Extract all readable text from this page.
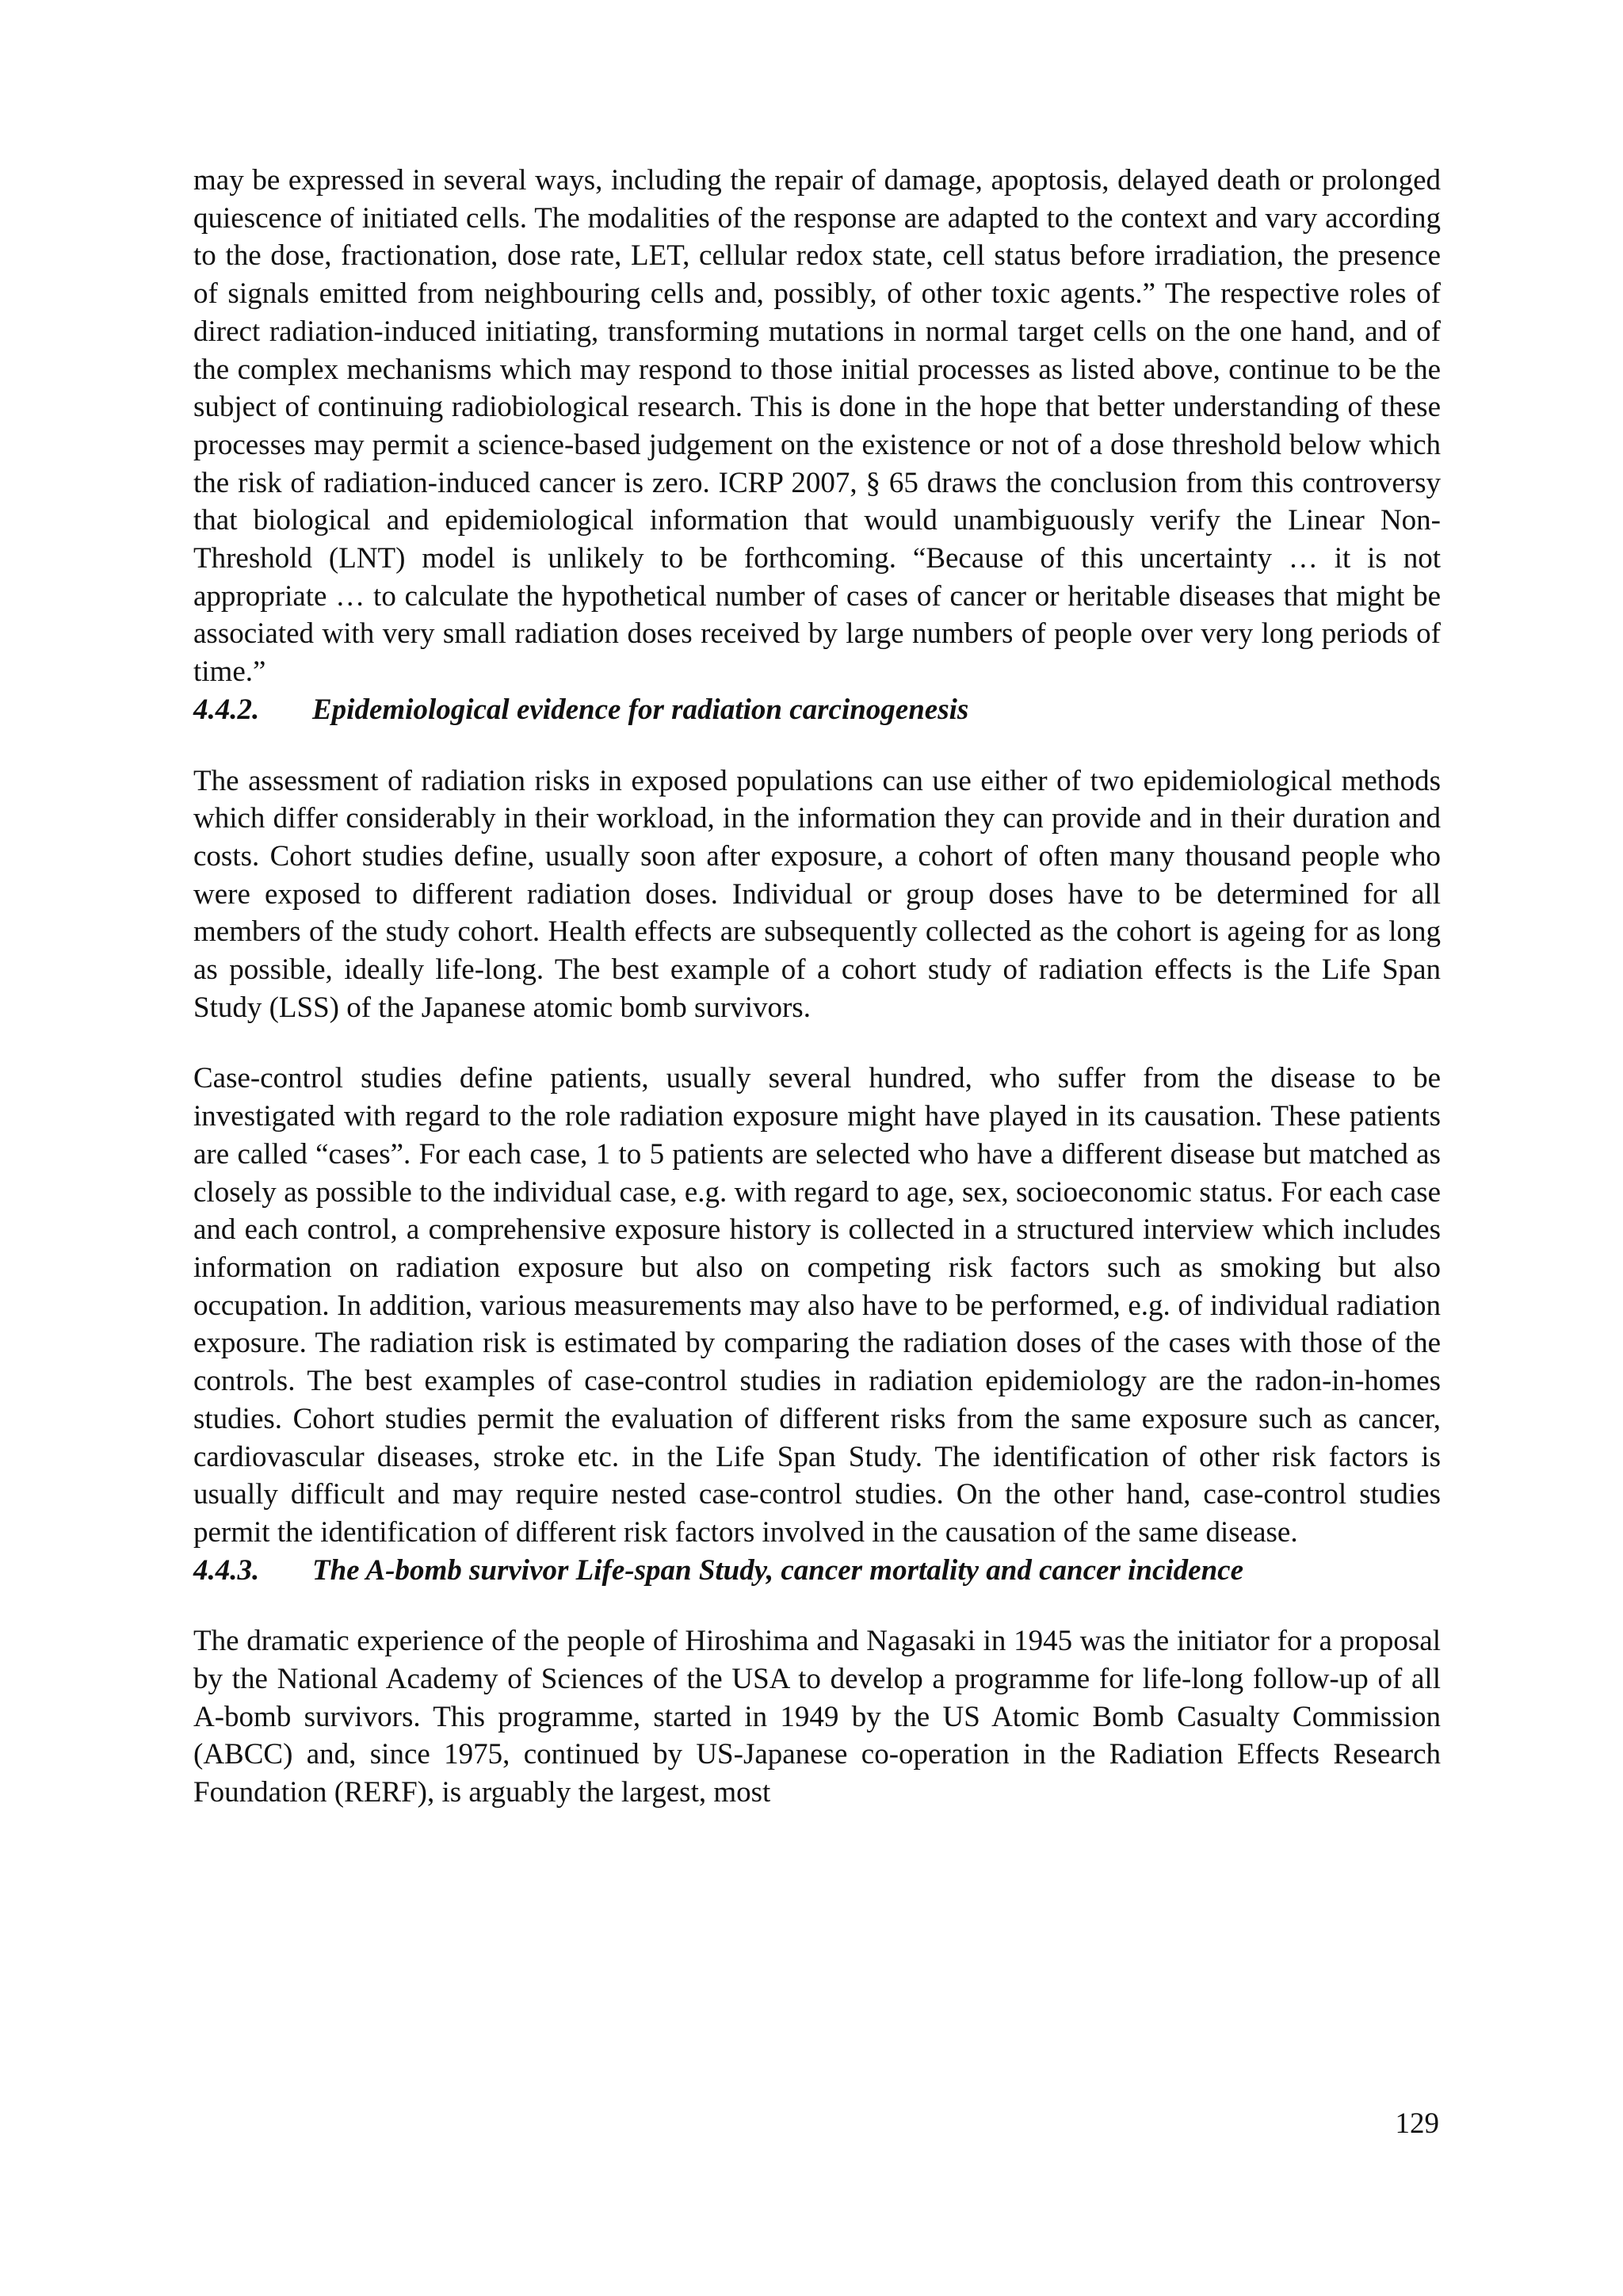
may be expressed in several ways, including the repair of damage, apoptosis, delayed death or prolonged quiescence of initiated cells. The modalities of the response are adapted to the context and vary according to the dose, fractionation, dose rate, LET, cellular redox state, cell status before irradiation, the presence of signals emitted from neighbouring cells and, possibly, of other toxic agents.” The respective roles of direct radiation-induced initiating, transforming mutations in normal target cells on the one hand, and of the complex mechanisms which may respond to those initial processes as listed above, continue to be the subject of continuing radiobiological research. This is done in the hope that better understanding of these processes may permit a science-based judgement on the existence or not of a dose threshold below which the risk of radiation-induced cancer is zero. ICRP 2007, § 65 draws the conclusion from this controversy that biological and epidemiological information that would unambiguously verify the Linear Non-Threshold (LNT) model is unlikely to be forthcoming. “Because of this uncertainty … it is not appropriate … to calculate the hypothetical number of cases of cancer or heritable diseases that might be associated with very small radiation doses received by large numbers of people over very long periods of time.”

4.4.2. Epidemiological evidence for radiation carcinogenesis

The assessment of radiation risks in exposed populations can use either of two epidemiological methods which differ considerably in their workload, in the information they can provide and in their duration and costs. Cohort studies define, usually soon after exposure, a cohort of often many thousand people who were exposed to different radiation doses. Individual or group doses have to be determined for all members of the study cohort. Health effects are subsequently collected as the cohort is ageing for as long as possible, ideally life-long. The best example of a cohort study of radiation effects is the Life Span Study (LSS) of the Japanese atomic bomb survivors.

Case-control studies define patients, usually several hundred, who suffer from the disease to be investigated with regard to the role radiation exposure might have played in its causation. These patients are called “cases”. For each case, 1 to 5 patients are selected who have a different disease but matched as closely as possible to the individual case, e.g. with regard to age, sex, socioeconomic status. For each case and each control, a comprehensive exposure history is collected in a structured interview which includes information on radiation exposure but also on competing risk factors such as smoking but also occupation. In addition, various measurements may also have to be performed, e.g. of individual radiation exposure. The radiation risk is estimated by comparing the radiation doses of the cases with those of the controls. The best examples of case-control studies in radiation epidemiology are the radon-in-homes studies. Cohort studies permit the evaluation of different risks from the same exposure such as cancer, cardiovascular diseases, stroke etc. in the Life Span Study. The identification of other risk factors is usually difficult and may require nested case-control studies. On the other hand, case-control studies permit the identification of different risk factors involved in the causation of the same disease.

4.4.3. The A-bomb survivor Life-span Study, cancer mortality and cancer incidence

The dramatic experience of the people of Hiroshima and Nagasaki in 1945 was the initiator for a proposal by the National Academy of Sciences of the USA to develop a programme for life-long follow-up of all A-bomb survivors. This programme, started in 1949 by the US Atomic Bomb Casualty Commission (ABCC) and, since 1975, continued by US-Japanese co-operation in the Radiation Effects Research Foundation (RERF), is arguably the largest, most

129
